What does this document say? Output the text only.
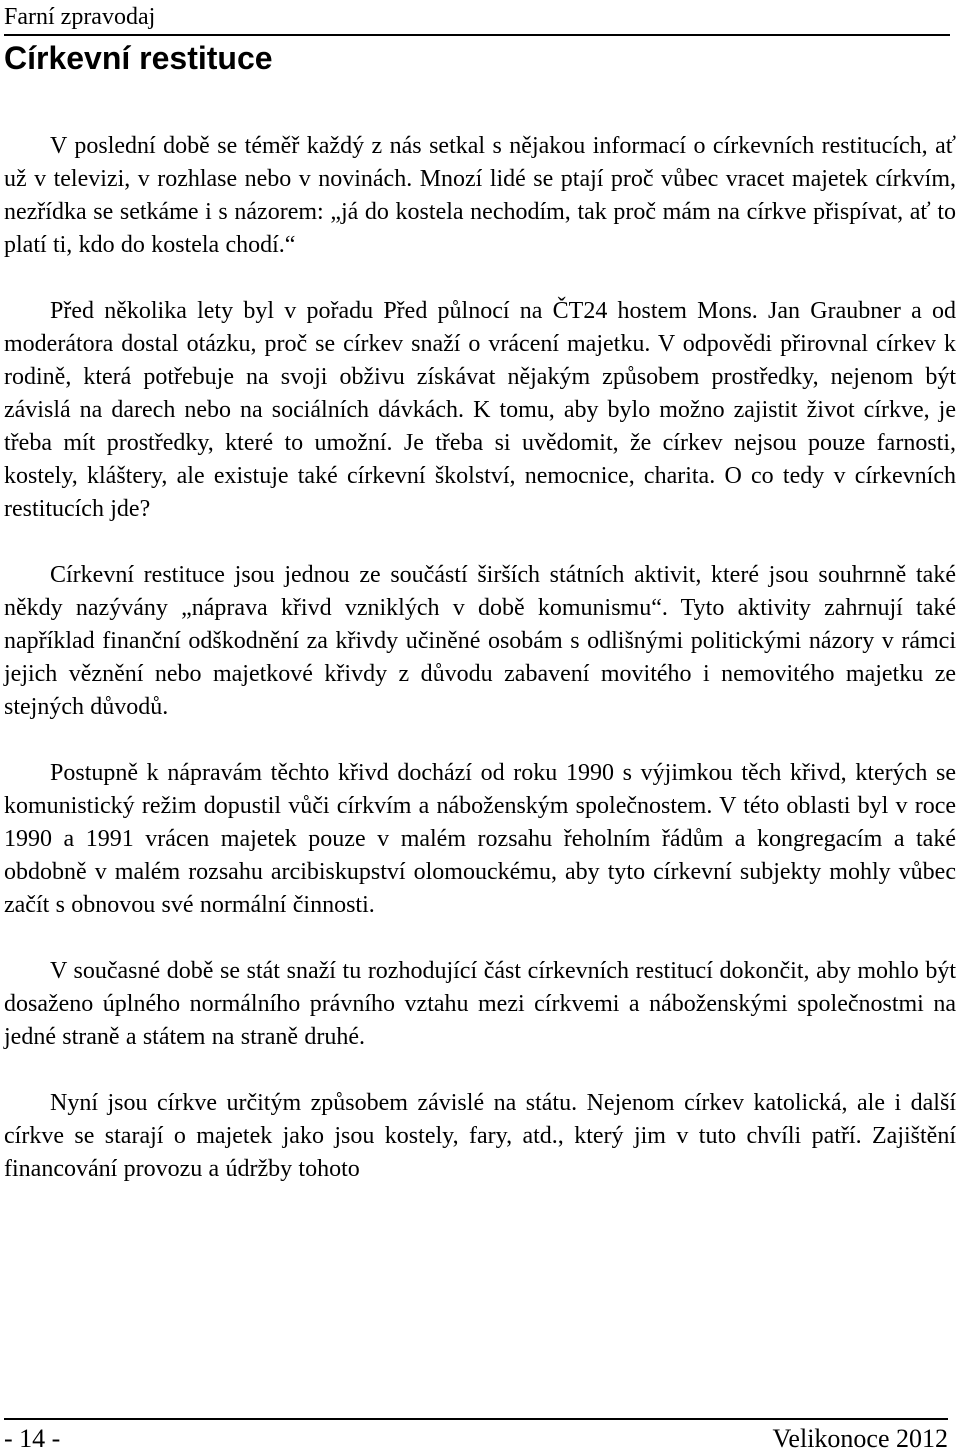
Farní zpravodaj
Církevní restituce

V poslední době se téměř každý z nás setkal s nějakou informací o církevních restitucích, ať už v televizi, v rozhlase nebo v novinách. Mnozí lidé se ptají proč vůbec vracet majetek církvím, nezřídka se setkáme i s názorem: „já do kostela nechodím, tak proč mám na církve přispívat, ať to platí ti, kdo do kostela chodí.“

Před několika lety byl v pořadu Před půlnocí na ČT24 hostem Mons. Jan Graubner a od moderátora dostal otázku, proč se církev snaží o vrácení majetku. V odpovědi přirovnal církev k rodině, která potřebuje na svoji obživu získávat nějakým způsobem prostředky, nejenom být závislá na darech nebo na sociálních dávkách. K tomu, aby bylo možno zajistit život církve, je třeba mít prostředky, které to umožní. Je třeba si uvědomit, že církev nejsou pouze farnosti, kostely, kláštery, ale existuje také církevní školství, nemocnice, charita. O co tedy v církevních restitucích jde?

Církevní restituce jsou jednou ze součástí širších státních aktivit, které jsou souhrnně také někdy nazývány „náprava křivd vzniklých v době komunismu“. Tyto aktivity zahrnují také například finanční odškodnění za křivdy učiněné osobám s odlišnými politickými názory v rámci jejich věznění nebo majetkové křivdy z důvodu zabavení movitého i nemovitého majetku ze stejných důvodů.

Postupně k nápravám těchto křivd dochází od roku 1990 s výjimkou těch křivd, kterých se komunistický režim dopustil vůči církvím a náboženským společnostem. V této oblasti byl v roce 1990 a 1991 vrácen majetek pouze v malém rozsahu řeholním řádům a kongregacím a také obdobně v malém rozsahu arcibiskupství olomouckému, aby tyto církevní subjekty mohly vůbec začít s obnovou své normální činnosti.

V současné době se stát snaží tu rozhodující část církevních restitucí dokončit, aby mohlo být dosaženo úplného normálního právního vztahu mezi církvemi a náboženskými společnostmi na jedné straně a státem na straně druhé.

Nyní jsou církve určitým způsobem závislé na státu. Nejenom církev katolická, ale i další církve se starají o majetek jako jsou kostely, fary, atd., který jim v tuto chvíli patří. Zajištění financování provozu a údržby tohoto

- 14 -	Velikonoce 2012
